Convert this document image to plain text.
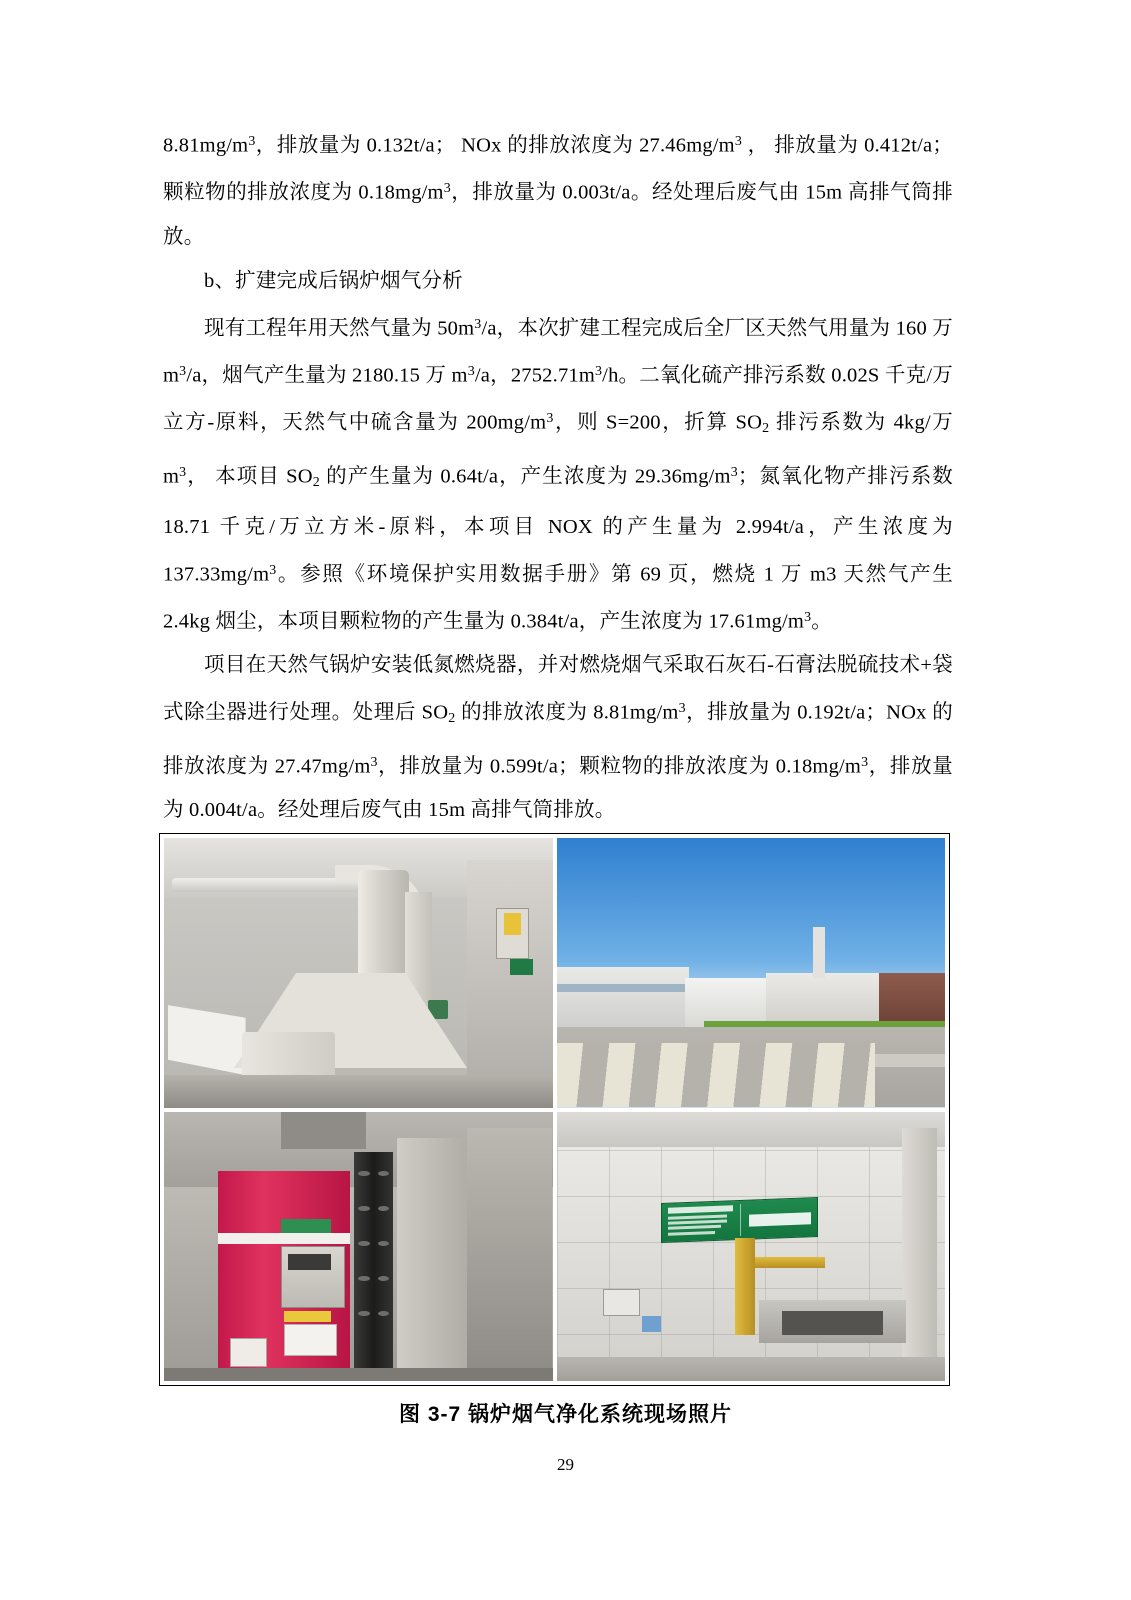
$8.81mg/m^3$，排放量为 0.132t/a； NOx 的排放浓度为 $27.46mg/m^3$ ， 排放量为 0.412t/a； 颗粒物的排放浓度为 $0.18mg/m^3$，排放量为 0.003t/a。经处理后废气由 15m 高排气筒排放。

b、扩建完成后锅炉烟气分析

现有工程年用天然气量为 $50m^3/a$，本次扩建工程完成后全厂区天然气用量为 160 万 $m^3/a$，烟气产生量为 2180.15 万 $m^3/a$，$2752.71m^3/h$。二氧化硫产排污系数 0.02S 千克/万立方-原料，天然气中硫含量为 $200mg/m^3$，则 S=200，折算 $SO_2$ 排污系数为 4kg/万 $m^3$， 本项目 $SO_2$ 的产生量为 0.64t/a，产生浓度为 $29.36mg/m^3$；氮氧化物产排污系数 18.71 千克/万立方米-原料，本项目 NOX 的产生量为 2.994t/a，产生浓度为 $137.33mg/m^3$。参照《环境保护实用数据手册》第 69 页，燃烧 1 万 m3 天然气产生 2.4kg 烟尘，本项目颗粒物的产生量为 0.384t/a，产生浓度为 $17.61mg/m^3$。

项目在天然气锅炉安装低氮燃烧器，并对燃烧烟气采取石灰石-石膏法脱硫技术+袋式除尘器进行处理。处理后 $SO_2$ 的排放浓度为 $8.81mg/m^3$，排放量为 0.192t/a；NOx 的排放浓度为 $27.47mg/m^3$，排放量为 0.599t/a；颗粒物的排放浓度为 $0.18mg/m^3$，排放量为 0.004t/a。经处理后废气由 15m 高排气筒排放。

图 3-7 锅炉烟气净化系统现场照片
29
